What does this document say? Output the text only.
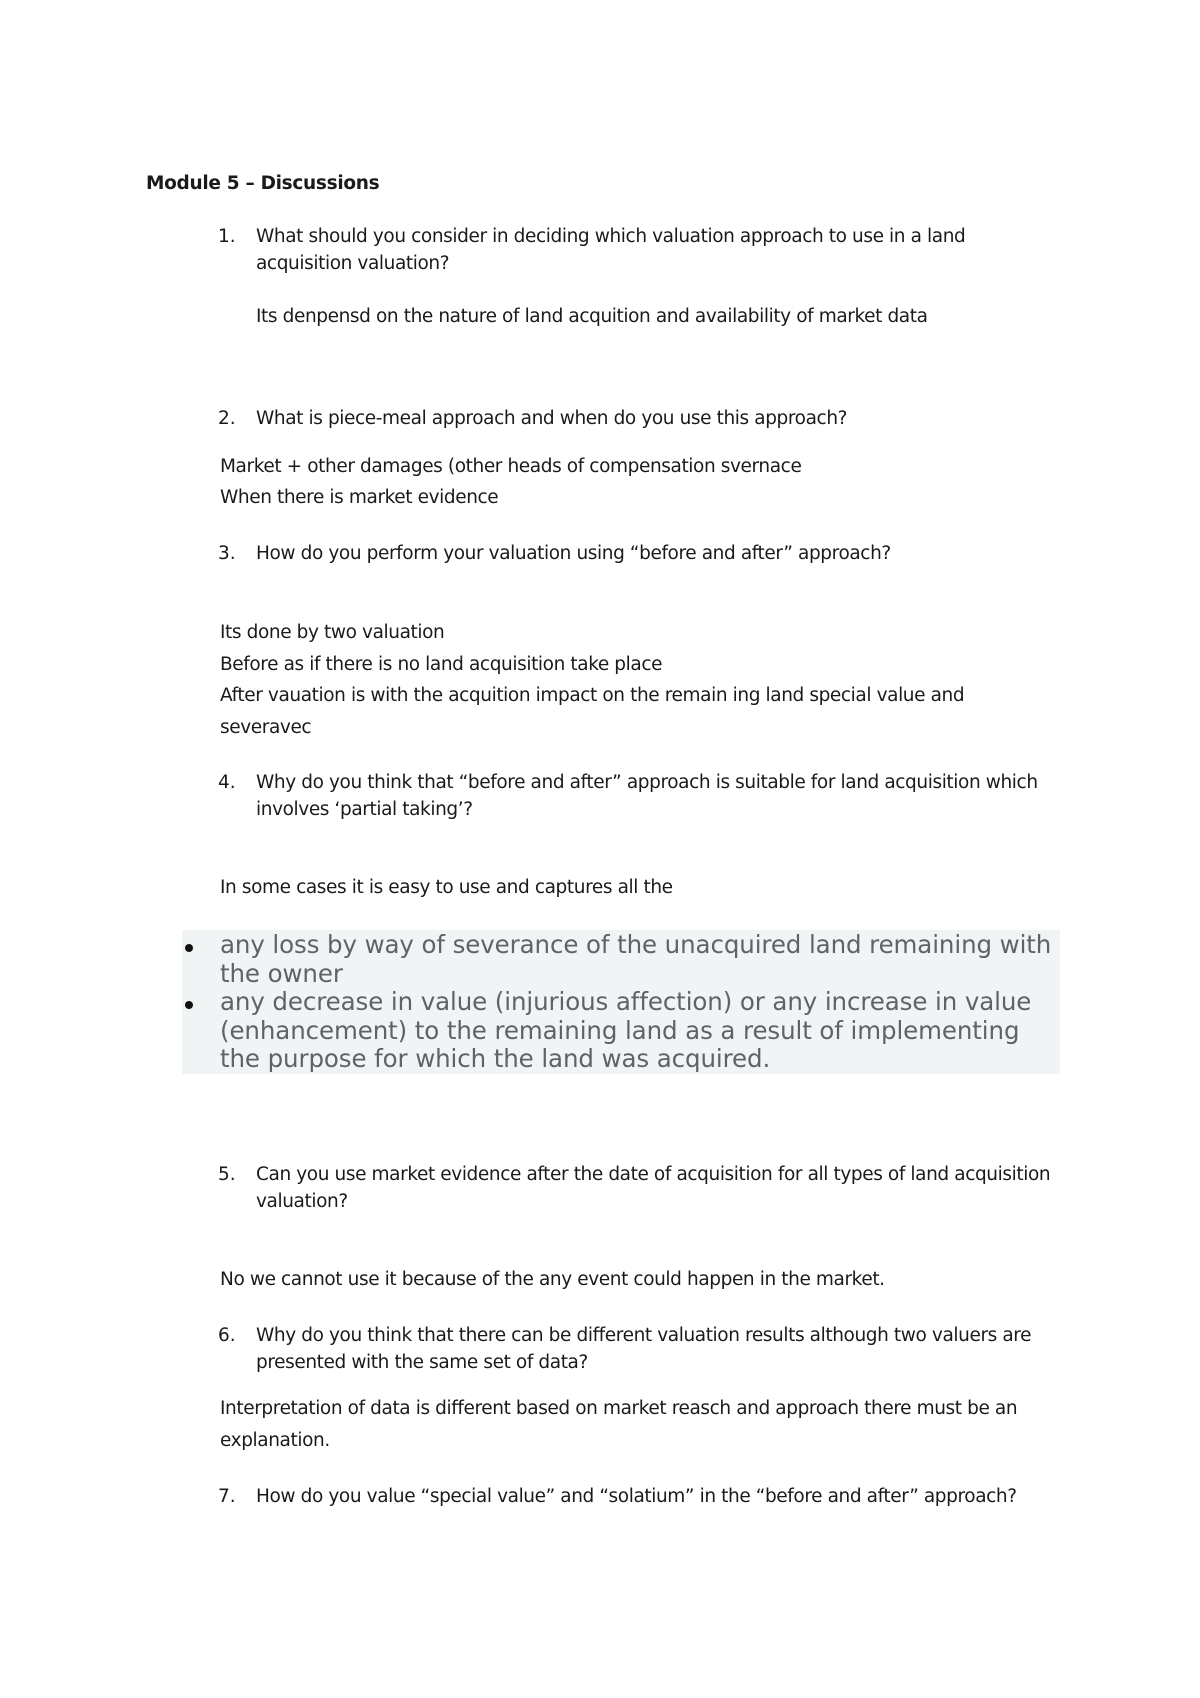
Module 5 – Discussions
1. What should you consider in deciding which valuation approach to use in a land acquisition valuation?
Its denpensd on the nature of land acquition and availability of market data
2. What is piece-meal approach and when do you use this approach?
Market + other damages (other heads of compensation svernace
When there is market evidence
3. How do you perform your valuation using “before and after” approach?
Its done by two valuation
Before as if there is no land acquisition take place
After vauation is with the acquition impact on the remain ing land special value and
severavec
4. Why do you think that “before and after” approach is suitable for land acquisition which involves ‘partial taking’?
In some cases it is easy to use and captures all the
any loss by way of severance of the unacquired land remaining with the owner
any decrease in value (injurious affection) or any increase in value (enhancement) to the remaining land as a result of implementing the purpose for which the land was acquired.
5. Can you use market evidence after the date of acquisition for all types of land acquisition valuation?
No we cannot use it because of the any event could happen in the market.
6. Why do you think that there can be different valuation results although two valuers are presented with the same set of data?
Interpretation of data is different based on market reasch and approach there must be an
explanation.
7. How do you value “special value” and “solatium” in the “before and after” approach?
